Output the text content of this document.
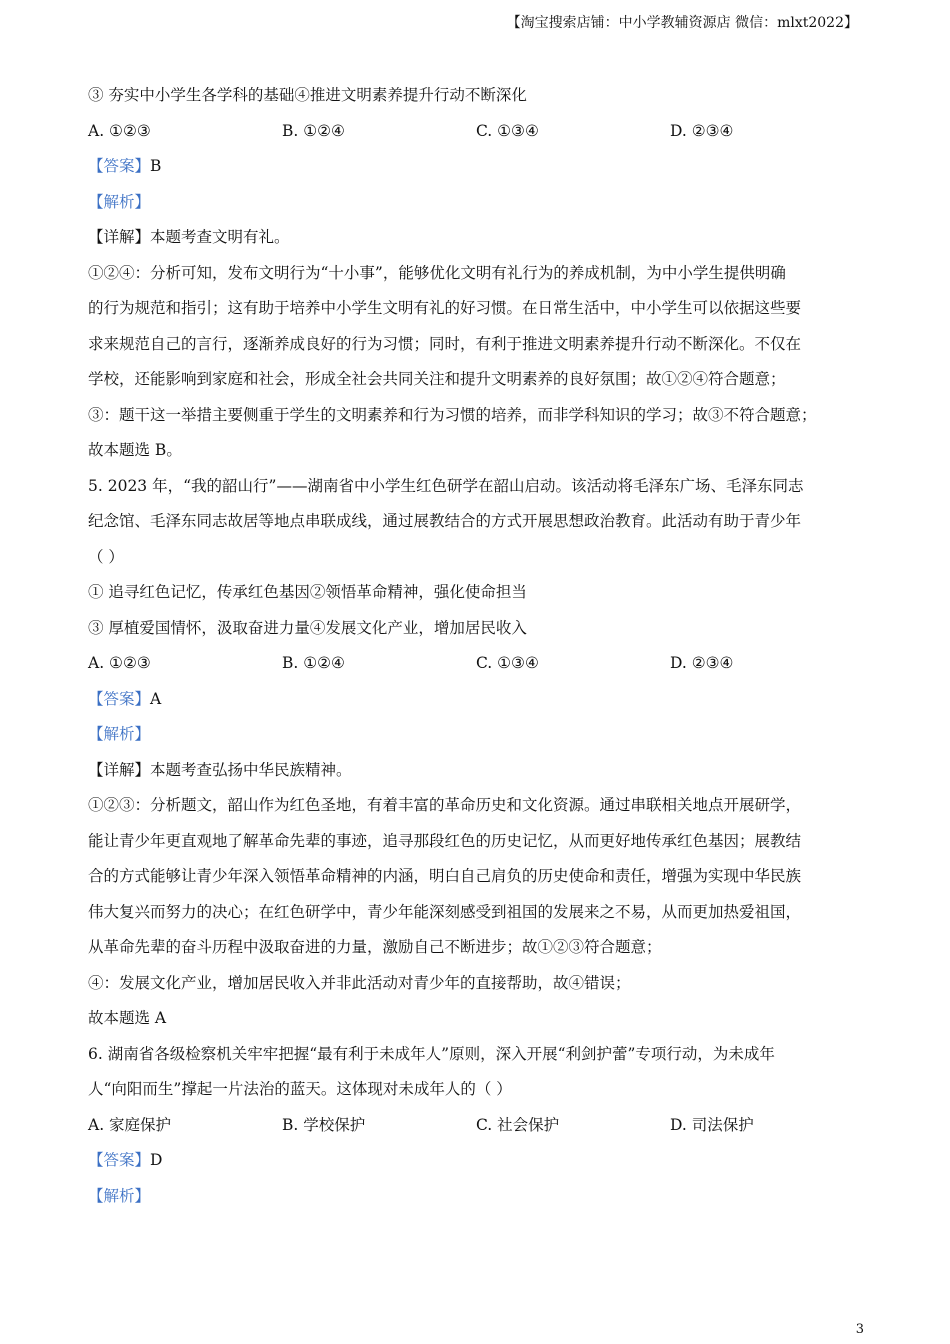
【淘宝搜索店铺：中小学教辅资源店 微信：mlxt2022】
③ 夯实中小学生各学科的基础④推进文明素养提升行动不断深化
A. ①②③	B. ①②④	C. ①③④	D. ②③④
【答案】B
【解析】
【详解】本题考查文明有礼。
①②④：分析可知，发布文明行为“十小事”，能够优化文明有礼行为的养成机制，为中小学生提供明确
的行为规范和指引；这有助于培养中小学生文明有礼的好习惯。在日常生活中，中小学生可以依据这些要
求来规范自己的言行，逐渐养成良好的行为习惯；同时，有利于推进文明素养提升行动不断深化。不仅在
学校，还能影响到家庭和社会，形成全社会共同关注和提升文明素养的良好氛围；故①②④符合题意；
③：题干这一举措主要侧重于学生的文明素养和行为习惯的培养，而非学科知识的学习；故③不符合题意；
故本题选 B。
5. 2023 年，“我的韶山行”——湖南省中小学生红色研学在韶山启动。该活动将毛泽东广场、毛泽东同志
纪念馆、毛泽东同志故居等地点串联成线，通过展教结合的方式开展思想政治教育。此活动有助于青少年
（ ）
① 追寻红色记忆，传承红色基因②领悟革命精神，强化使命担当
③ 厚植爱国情怀，汲取奋进力量④发展文化产业，增加居民收入
A. ①②③	B. ①②④	C. ①③④	D. ②③④
【答案】A
【解析】
【详解】本题考查弘扬中华民族精神。
①②③：分析题文，韶山作为红色圣地，有着丰富的革命历史和文化资源。通过串联相关地点开展研学，
能让青少年更直观地了解革命先辈的事迹，追寻那段红色的历史记忆，从而更好地传承红色基因；展教结
合的方式能够让青少年深入领悟革命精神的内涵，明白自己肩负的历史使命和责任，增强为实现中华民族
伟大复兴而努力的决心；在红色研学中，青少年能深刻感受到祖国的发展来之不易，从而更加热爱祖国，
从革命先辈的奋斗历程中汲取奋进的力量，激励自己不断进步；故①②③符合题意；
④：发展文化产业，增加居民收入并非此活动对青少年的直接帮助，故④错误；
故本题选 A
6. 湖南省各级检察机关牢牢把握“最有利于未成年人”原则，深入开展“利剑护蕾”专项行动，为未成年
人“向阳而生”撑起一片法治的蓝天。这体现对未成年人的（ ）
A. 家庭保护	B. 学校保护	C. 社会保护	D. 司法保护
【答案】D
【解析】
3
